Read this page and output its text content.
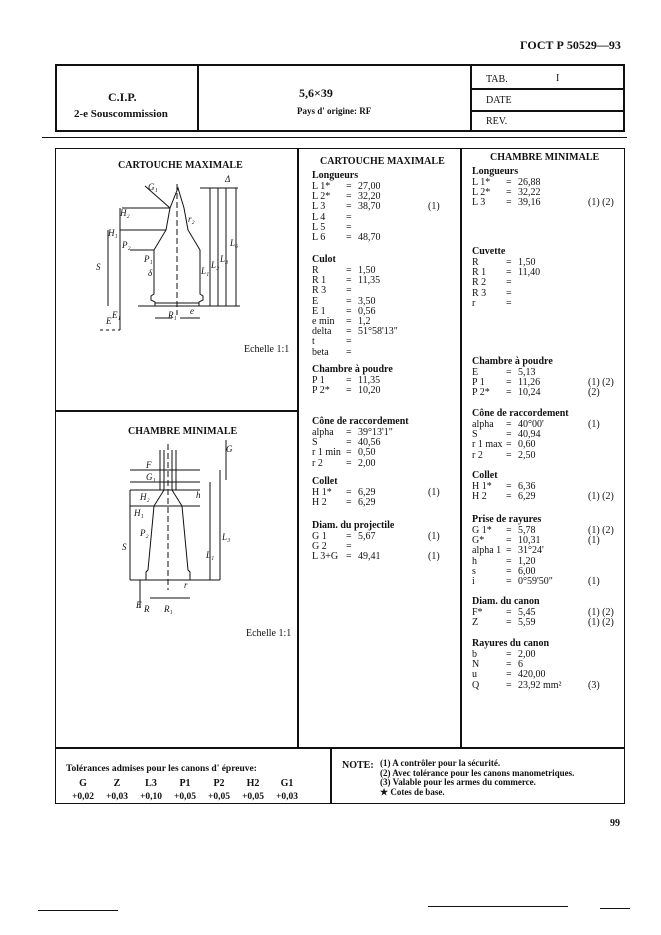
ГОСТ Р 50529—93
C.I.P.
2-e Souscommission
5,6×39
Pays d' origine: RF
TAB.	I
DATE
REV.
CARTOUCHE MAXIMALE
Echelle 1:1
G₁
H₂
r₂
H₁
P₂
P₁
S
δ	L₁
L₂
L₃
L₆
E
E₁	R₁ e
Δ
CHAMBRE MINIMALE
Echelle 1:1
F
G
G₁
H₂
H₁
P₂
S
L₁
L₃
E R R₁
h
r
CARTOUCHE MAXIMALE
Longueurs
L 1*	= 27,00
L 2*	= 32,20
L 3	= 38,70	(1)
L 4	=
L 5	=
L 6	= 48,70
Culot
R	= 1,50
R 1	= 11,35
R 3	=
E	= 3,50
E 1	= 0,56
e min	= 1,2
delta	= 51°58'13"
t	=
beta	=
Chambre à poudre
P 1	= 11,35
P 2*	= 10,20
Cône de raccordement
alpha	= 39°13'1"
S	= 40,56
r 1 min = 0,50
r 2	= 2,00
Collet
H 1*	= 6,29	(1)
H 2	= 6,29
Diam. du projectile
G 1	= 5,67	(1)
G 2	=
L 3+G = 49,41	(1)
CHAMBRE MINIMALE
Longueurs
L 1*	= 26,88
L 2*	= 32,22
L 3	= 39,16	(1) (2)
Cuvette
R	= 1,50
R 1	= 11,40
R 2	=
R 3	=
r	=
Chambre à poudre
E	= 5,13
P 1	= 11,26	(1) (2)
P 2*	= 10,24	(2)
Cône de raccordement
alpha	= 40°00'	(1)
S	= 40,94
r 1 max = 0,60
r 2	= 2,50
Collet
H 1*	= 6,36
H 2	= 6,29	(1) (2)
Prise de rayures
G 1*	= 5,78	(1) (2)
G*	= 10,31	(1)
alpha 1 = 31°24'
h	= 1,20
s	= 6,00
i	= 0°59'50"	(1)
Diam. du canon
F*	= 5,45	(1) (2)
Z	= 5,59	(1) (2)
Rayures du canon
b	= 2,00
N	= 6
u	= 420,00
Q	= 23,92 mm²	(3)
Tolérances admises pour les canons d' épreuve:
G	Z	L3	P1	P2	H2	G1
+0,02	+0,03	+0,10	+0,05	+0,05	+0,05	+0,03
NOTE: (1) A contrôler pour la sécurité.
(2) Avec tolérance pour les canons manometriques.
(3) Valable pour les armes du commerce.
★ Cotes de base.
99
